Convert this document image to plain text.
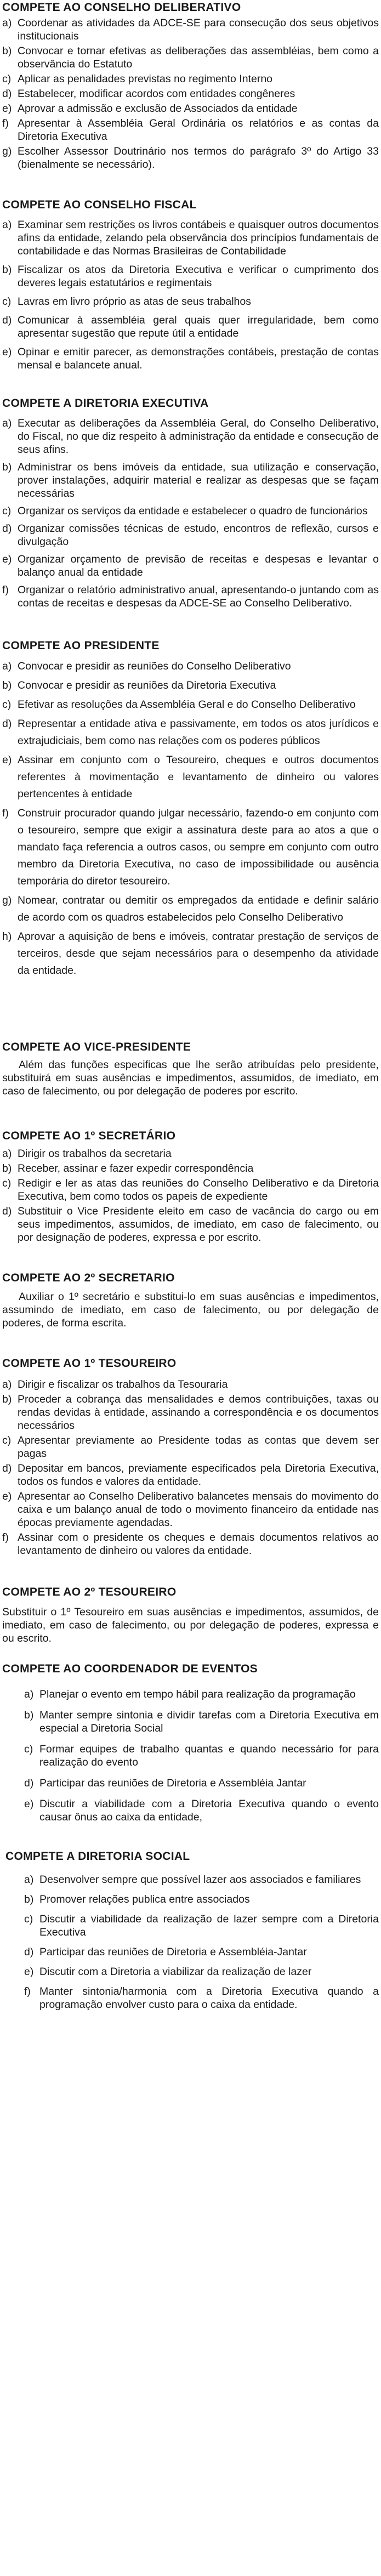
COMPETE AO CONSELHO DELIBERATIVO
a) Coordenar as atividades da ADCE-SE para consecução dos seus objetivos institucionais
b) Convocar e tornar efetivas as deliberações das assembléias, bem como a observância do Estatuto
c) Aplicar as penalidades previstas no regimento Interno
d) Estabelecer, modificar acordos com entidades congêneres
e) Aprovar a admissão e exclusão de Associados da entidade
f) Apresentar à Assembléia Geral Ordinária os relatórios e as contas da Diretoria Executiva
g) Escolher Assessor Doutrinário nos termos do parágrafo 3º do Artigo 33 (bienalmente se necessário).
COMPETE AO CONSELHO FISCAL
a) Examinar sem restrições os livros contábeis e quaisquer outros documentos afins da entidade, zelando pela observância dos princípios fundamentais de contabilidade e das Normas Brasileiras de Contabilidade
b) Fiscalizar os atos da Diretoria Executiva e verificar o cumprimento dos deveres legais estatutários e regimentais
c) Lavras em livro próprio as atas de seus trabalhos
d) Comunicar à assembléia geral quais quer irregularidade, bem como apresentar sugestão que repute útil a entidade
e) Opinar e emitir parecer, as demonstrações contábeis, prestação de contas mensal e balancete anual.
COMPETE A DIRETORIA EXECUTIVA
a) Executar as deliberações da Assembléia Geral, do Conselho Deliberativo, do Fiscal, no que diz respeito à administração da entidade e consecução de seus afins.
b) Administrar os bens imóveis da entidade, sua utilização e conservação, prover instalações, adquirir material e realizar as despesas que se façam necessárias
c) Organizar os serviços da entidade e estabelecer o quadro de funcionários
d) Organizar comissões técnicas de estudo, encontros de reflexão, cursos e divulgação
e) Organizar orçamento de previsão de receitas e despesas e levantar o balanço anual da entidade
f) Organizar o relatório administrativo anual, apresentando-o juntando com as contas de receitas e despesas da ADCE-SE ao Conselho Deliberativo.
COMPETE AO PRESIDENTE
a) Convocar e presidir as reuniões do Conselho Deliberativo
b) Convocar e presidir as reuniões da Diretoria Executiva
c) Efetivar as resoluções da Assembléia Geral e do Conselho Deliberativo
d) Representar a entidade ativa e passivamente, em todos os atos jurídicos e extrajudiciais, bem como nas relações com os poderes públicos
e) Assinar em conjunto com o Tesoureiro, cheques e outros documentos referentes à movimentação e levantamento de dinheiro ou valores pertencentes à entidade
f) Construir procurador quando julgar necessário, fazendo-o em conjunto com o tesoureiro, sempre que exigir a assinatura deste para ao atos a que o mandato faça referencia a outros casos, ou sempre em conjunto com outro membro da Diretoria Executiva, no caso de impossibilidade ou ausência temporária do diretor tesoureiro.
g) Nomear, contratar ou demitir os empregados da entidade e definir salário de acordo com os quadros estabelecidos pelo Conselho Deliberativo
h) Aprovar a aquisição de bens e imóveis, contratar prestação de serviços de terceiros, desde que sejam necessários para o desempenho da atividade da entidade.
COMPETE AO VICE-PRESIDENTE

Além das funções especificas que lhe serão atribuídas pelo presidente, substituirá em suas ausências e impedimentos, assumidos, de imediato, em caso de falecimento, ou por delegação de poderes por escrito.

COMPETE AO 1º SECRETÁRIO
a) Dirigir os trabalhos da secretaria
b) Receber, assinar e fazer expedir correspondência
c) Redigir e ler as atas das reuniões do Conselho Deliberativo e da Diretoria Executiva, bem como todos os papeis de expediente
d) Substituir o Vice Presidente eleito em caso de vacância do cargo ou em seus impedimentos, assumidos, de imediato, em caso de falecimento, ou por designação de poderes, expressa e por escrito.
COMPETE AO 2º SECRETARIO

Auxiliar o 1º secretário e substitui-lo em suas ausências e impedimentos, assumindo de imediato, em caso de falecimento, ou por delegação de poderes, de forma escrita.

COMPETE AO 1º TESOUREIRO
a) Dirigir e fiscalizar os trabalhos da Tesouraria
b) Proceder a cobrança das mensalidades e demos contribuições, taxas ou rendas devidas à entidade, assinando a correspondência e os documentos necessários
c) Apresentar previamente ao Presidente todas as contas que devem ser pagas
d) Depositar em bancos, previamente especificados pela Diretoria Executiva, todos os fundos e valores da entidade.
e) Apresentar ao Conselho Deliberativo balancetes mensais do movimento do caixa e um balanço anual de todo o movimento financeiro da entidade nas épocas previamente agendadas.
f) Assinar com o presidente os cheques e demais documentos relativos ao levantamento de dinheiro ou valores da entidade.
COMPETE AO 2º TESOUREIRO

Substituir o 1º Tesoureiro em suas ausências e impedimentos, assumidos, de imediato, em caso de falecimento, ou por delegação de poderes, expressa e ou escrito.

COMPETE AO COORDENADOR DE EVENTOS
a) Planejar o evento em tempo hábil para realização da programação
b) Manter sempre sintonia e dividir tarefas com a Diretoria Executiva em especial a Diretoria Social
c) Formar equipes de trabalho quantas e quando necessário for para realização do evento
d) Participar das reuniões de Diretoria e Assembléia Jantar
e) Discutir a viabilidade com a Diretoria Executiva quando o evento causar ônus ao caixa da entidade,
COMPETE A DIRETORIA SOCIAL
a) Desenvolver sempre que possível lazer aos associados e familiares
b) Promover relações publica entre associados
c) Discutir a viabilidade da realização de lazer sempre com a Diretoria Executiva
d) Participar das reuniões de Diretoria e Assembléia-Jantar
e) Discutir com a Diretoria a viabilizar da realização de lazer
f) Manter sintonia/harmonia com a Diretoria Executiva quando a programação envolver custo para o caixa da entidade.
